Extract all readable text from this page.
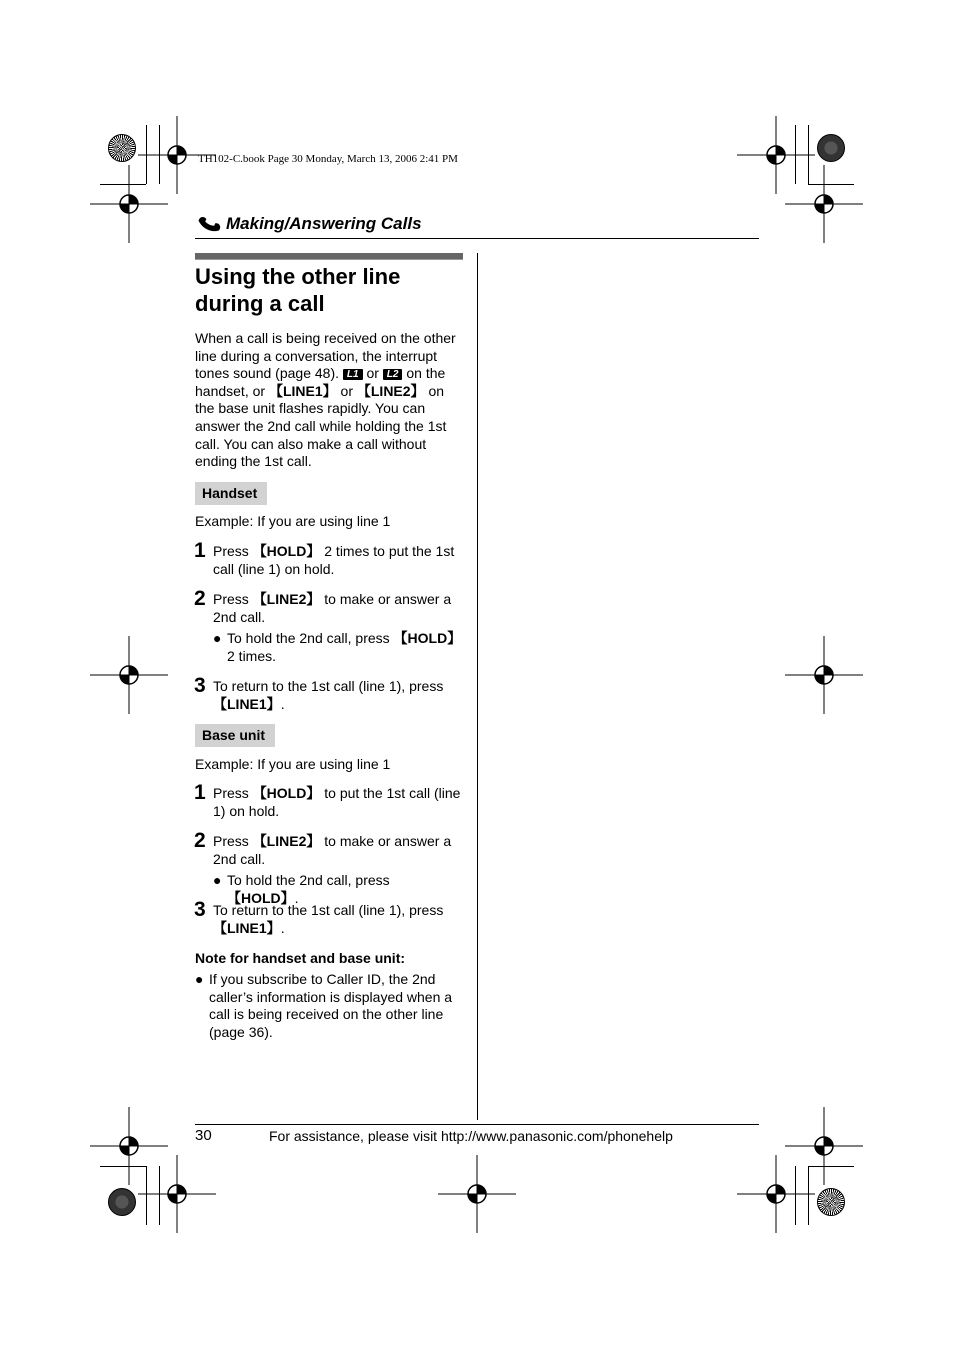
TH102-C.book Page 30 Monday, March 13, 2006 2:41 PM
Making/Answering Calls
Using the other line during a call
When a call is being received on the other line during a conversation, the interrupt tones sound (page 48). L1 or L2 on the handset, or 【LINE1】 or 【LINE2】 on the base unit flashes rapidly. You can answer the 2nd call while holding the 1st call. You can also make a call without ending the 1st call.
Handset
Example: If you are using line 1
1 Press 【HOLD】 2 times to put the 1st call (line 1) on hold.
2 Press 【LINE2】 to make or answer a 2nd call.
● To hold the 2nd call, press 【HOLD】 2 times.
3 To return to the 1st call (line 1), press 【LINE1】.
Base unit
Example: If you are using line 1
1 Press 【HOLD】 to put the 1st call (line 1) on hold.
2 Press 【LINE2】 to make or answer a 2nd call.
● To hold the 2nd call, press 【HOLD】.
3 To return to the 1st call (line 1), press 【LINE1】.
Note for handset and base unit:
● If you subscribe to Caller ID, the 2nd caller’s information is displayed when a call is being received on the other line (page 36).
30	For assistance, please visit http://www.panasonic.com/phonehelp
